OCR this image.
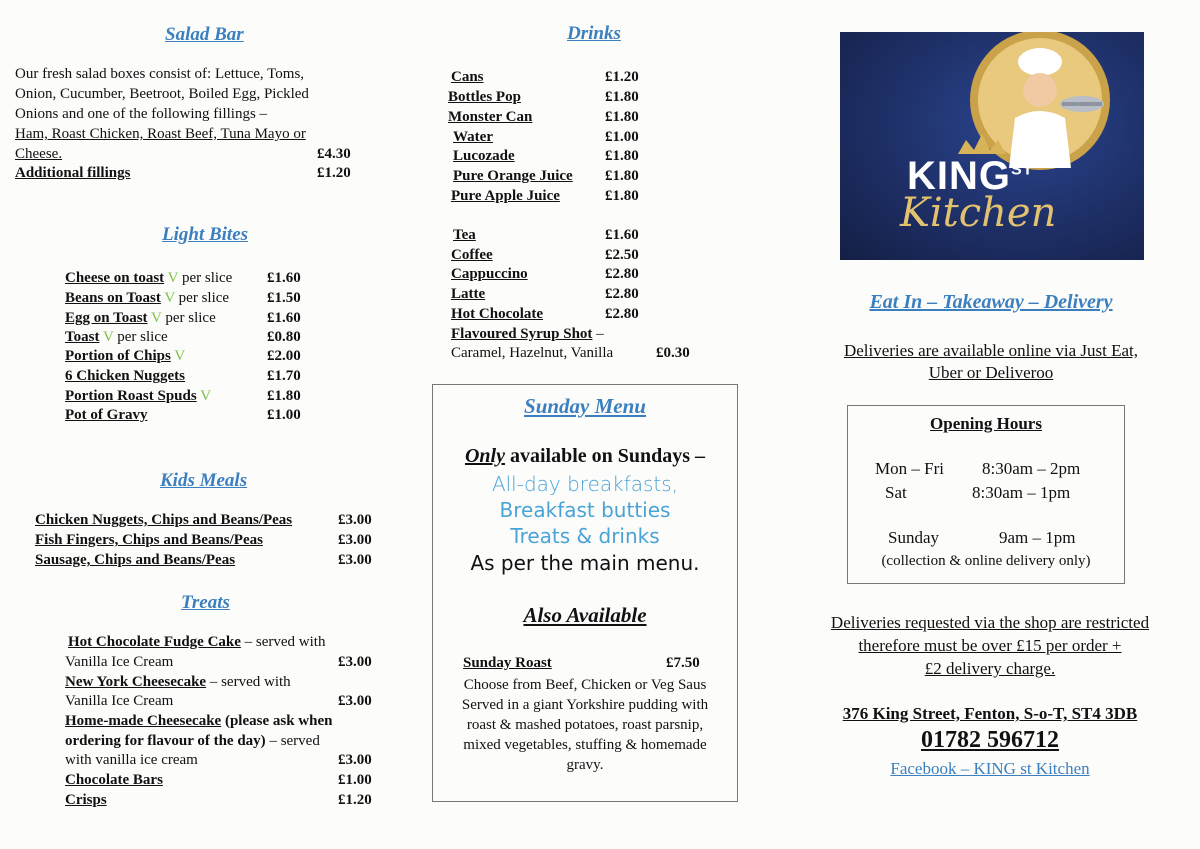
Salad Bar
Our fresh salad boxes consist of: Lettuce, Toms,
Onion, Cucumber, Beetroot, Boiled Egg, Pickled
Onions and one of the following fillings –
Ham, Roast Chicken, Roast Beef, Tuna Mayo or
Cheese.	£4.30
Additional fillings	£1.20
Light Bites
Cheese on toast V per slice £1.60
Beans on Toast V per slice	£1.50
Egg on Toast V per slice	£1.60
Toast V per slice	£0.80
Portion of Chips V	£2.00
6 Chicken Nuggets	£1.70
Portion Roast Spuds V	£1.80
Pot of Gravy	£1.00
Kids Meals
Chicken Nuggets, Chips and Beans/Peas	£3.00
Fish Fingers, Chips and Beans/Peas	£3.00
Sausage, Chips and Beans/Peas	£3.00
Treats
Hot Chocolate Fudge Cake – served with
Vanilla Ice Cream	£3.00
New York Cheesecake – served with
Vanilla Ice Cream	£3.00
Home-made Cheesecake (please ask when
ordering for flavour of the day) – served
with vanilla ice cream	£3.00
Chocolate Bars	£1.00
Crisps	£1.20
Drinks
Cans	£1.20
Bottles Pop	£1.80
Monster Can	£1.80
Water	£1.00
Lucozade	£1.80
Pure Orange Juice £1.80
Pure Apple Juice	£1.80
Tea	£1.60
Coffee	£2.50
Cappuccino	£2.80
Latte	£2.80
Hot Chocolate	£2.80
Flavoured Syrup Shot –
Caramel, Hazelnut, Vanilla	£0.30
Sunday Menu
Only available on Sundays –
All-day breakfasts,
Breakfast butties
Treats & drinks
As per the main menu.
Also Available
Sunday Roast	£7.50
Choose from Beef, Chicken or Veg Saus
Served in a giant Yorkshire pudding with
roast & mashed potatoes, roast parsnip,
mixed vegetables, stuffing & homemade
gravy.
$KING^{ST}$
Kitchen
Eat In – Takeaway – Delivery
Deliveries are available online via Just Eat,
Uber or Deliveroo
Opening Hours
Mon – Fri 8:30am – 2pm
Sat	8:30am – 1pm
Sunday	9am – 1pm
(collection & online delivery only)
Deliveries requested via the shop are restricted
therefore must be over £15 per order +
£2 delivery charge.
376 King Street, Fenton, S-o-T, ST4 3DB
01782 596712
Facebook – KING st Kitchen
